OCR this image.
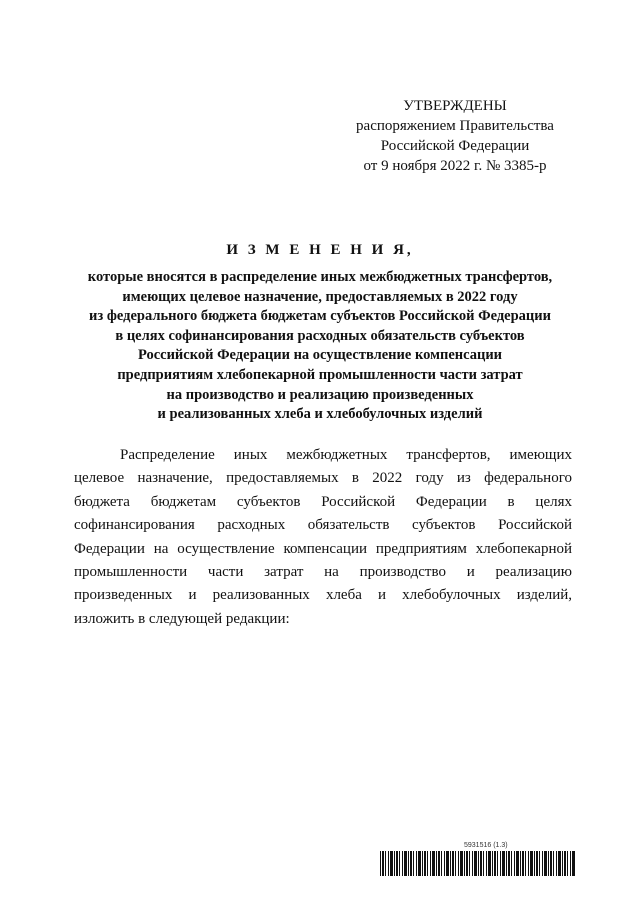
УТВЕРЖДЕНЫ
распоряжением Правительства
Российской Федерации
от 9 ноября 2022 г. № 3385-р
И З М Е Н Е Н И Я,
которые вносятся в распределение иных межбюджетных трансфертов,
имеющих целевое назначение, предоставляемых в 2022 году
из федерального бюджета бюджетам субъектов Российской Федерации
в целях софинансирования расходных обязательств субъектов
Российской Федерации на осуществление компенсации
предприятиям хлебопекарной промышленности части затрат
на производство и реализацию произведенных
и реализованных хлеба и хлебобулочных изделий
Распределение иных межбюджетных трансфертов, имеющих
целевое назначение, предоставляемых в 2022 году из федерального
бюджета бюджетам субъектов Российской Федерации в целях
софинансирования расходных обязательств субъектов Российской
Федерации на осуществление компенсации предприятиям хлебопекарной
промышленности части затрат на производство и реализацию
произведенных и реализованных хлеба и хлебобулочных изделий,
изложить в следующей редакции:
5931516 (1.3)
